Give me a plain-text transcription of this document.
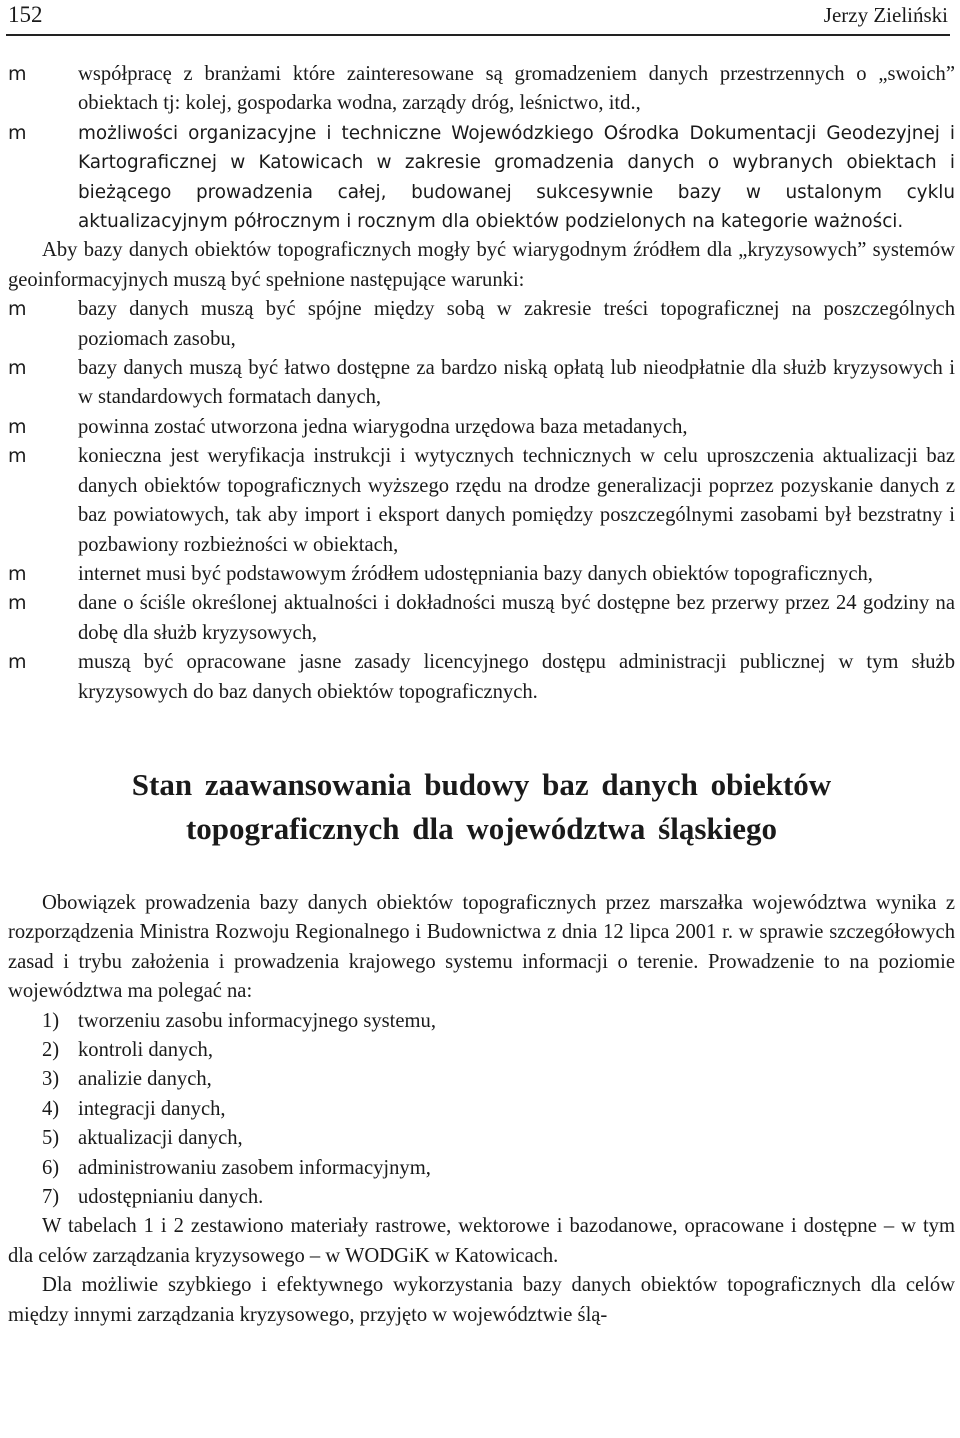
152	Jerzy Zieliński
m współpracę z branżami które zainteresowane są gromadzeniem danych przestrzennych o „swoich” obiektach tj: kolej, gospodarka wodna, zarządy dróg, leśnictwo, itd.,
m	możliwości organizacyjne i techniczne Wojewódzkiego Ośrodka Dokumentacji Geodezyjnej i Kartograficznej w Katowicach w zakresie gromadzenia danych o wybranych obiektach i bieżącego prowadzenia całej, budowanej sukcesywnie bazy w ustalonym cyklu aktualizacyjnym półrocznym i rocznym dla obiektów podzielonych na kategorie ważności.

Aby bazy danych obiektów topograficznych mogły być wiarygodnym źródłem dla „kryzysowych” systemów geoinformacyjnych muszą być spełnione następujące warunki:

m bazy danych muszą być spójne między sobą w zakresie treści topograficznej na poszczególnych poziomach zasobu,
m bazy danych muszą być łatwo dostępne za bardzo niską opłatą lub nieodpłatnie dla służb kryzysowych i w standardowych formatach danych,
m powinna zostać utworzona jedna wiarygodna urzędowa baza metadanych,
m konieczna jest weryfikacja instrukcji i wytycznych technicznych w celu uproszczenia aktualizacji baz danych obiektów topograficznych wyższego rzędu na drodze generalizacji poprzez pozyskanie danych z baz powiatowych, tak aby import i eksport danych pomiędzy poszczególnymi zasobami był bezstratny i pozbawiony rozbieżności w obiektach,
m internet musi być podstawowym źródłem udostępniania bazy danych obiektów topograficznych,
m dane o ściśle określonej aktualności i dokładności muszą być dostępne bez przerwy przez 24 godziny na dobę dla służb kryzysowych,
m muszą być opracowane jasne zasady licencyjnego dostępu administracji publicznej w tym służb kryzysowych do baz danych obiektów topograficznych.
Stan zaawansowania budowy baz danych obiektów
topograficznych dla województwa śląskiego

Obowiązek prowadzenia bazy danych obiektów topograficznych przez marszałka województwa wynika z rozporządzenia Ministra Rozwoju Regionalnego i Budownictwa z dnia 12 lipca 2001 r. w sprawie szczegółowych zasad i trybu założenia i prowadzenia krajowego systemu informacji o terenie. Prowadzenie to na poziomie województwa ma polegać na:

1) tworzeniu zasobu informacyjnego systemu,
2) kontroli danych,
3) analizie danych,
4) integracji danych,
5) aktualizacji danych,
6) administrowaniu zasobem informacyjnym,
7) udostępnianiu danych.

W tabelach 1 i 2 zestawiono materiały rastrowe, wektorowe i bazodanowe, opracowane i dostępne – w tym dla celów zarządzania kryzysowego – w WODGiK w Katowicach.

Dla możliwie szybkiego i efektywnego wykorzystania bazy danych obiektów topograficznych dla celów między innymi zarządzania kryzysowego, przyjęto w województwie ślą-
